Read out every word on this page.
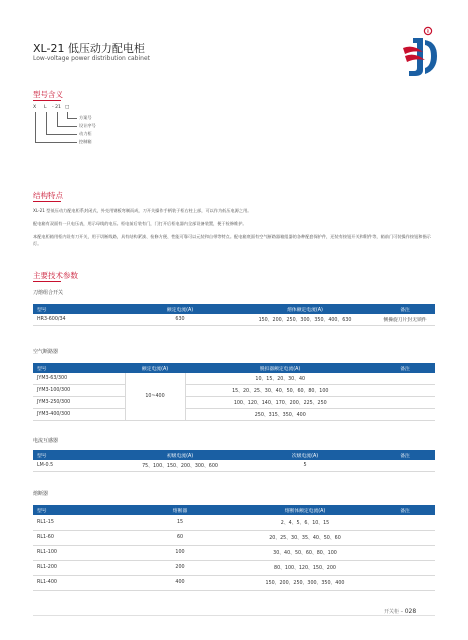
XL-21 低压动力配电柜
Low-voltage power distribution cabinet
R
型号含义
X L - 21 □
方案号
设计序号
动力柜
控制箱
结构特点
XL-21 型低压动力配电柜系封闭式，外壳用钢板弯制而成，刀开关操作手柄装于柜右柱上部，可以作为低压电源之用。
配电箱有双面有一只电压表，用示母线的电压。柜电前后装有门，门打开后柜电器内全部设备装置，便于检修维护。
本配电柜箱用柜内设有刀开关，用于切断线路，具有结构紧凑、检修方便、性能可靠可以元装和自带等特点。配电箱底面有空气断路器箱组器的各种配套保护件，还装有按钮开关和附件等，箱前门可装操作按钮和指示灯。
主要技术参数
刀熔组合开关
型号	额定电流(A)	熔体额定电流(A)	备注
HR3-600/34	630	150、200、250、300、350、400、630	侧操旋刀片封无锁件
空气断路器
型号	额定电流(A)	脱扣器额定电流(A)	备注
JYM3-63/300	10~400	10、15、20、30、40	
JYM3-100/300		15、20、25、30、40、50、60、80、100	
JYM3-250/300		100、120、140、170、200、225、250	
JYM3-400/300		250、315、350、400	
电流互感器
型号	初级电流(A)	次级电流(A)	备注
LM-0.5	75、100、150、200、300、600	5	
熔断器
型号	熔断器	熔断体额定电流(A)	备注
RL1-15	15	2、4、5、6、10、15	
RL1-60	60	20、25、30、35、40、50、60	
RL1-100	100	30、40、50、60、80、100	
RL1-200	200	80、100、120、150、200	
RL1-400	400	150、200、250、300、350、400	
开关柜 – 028
